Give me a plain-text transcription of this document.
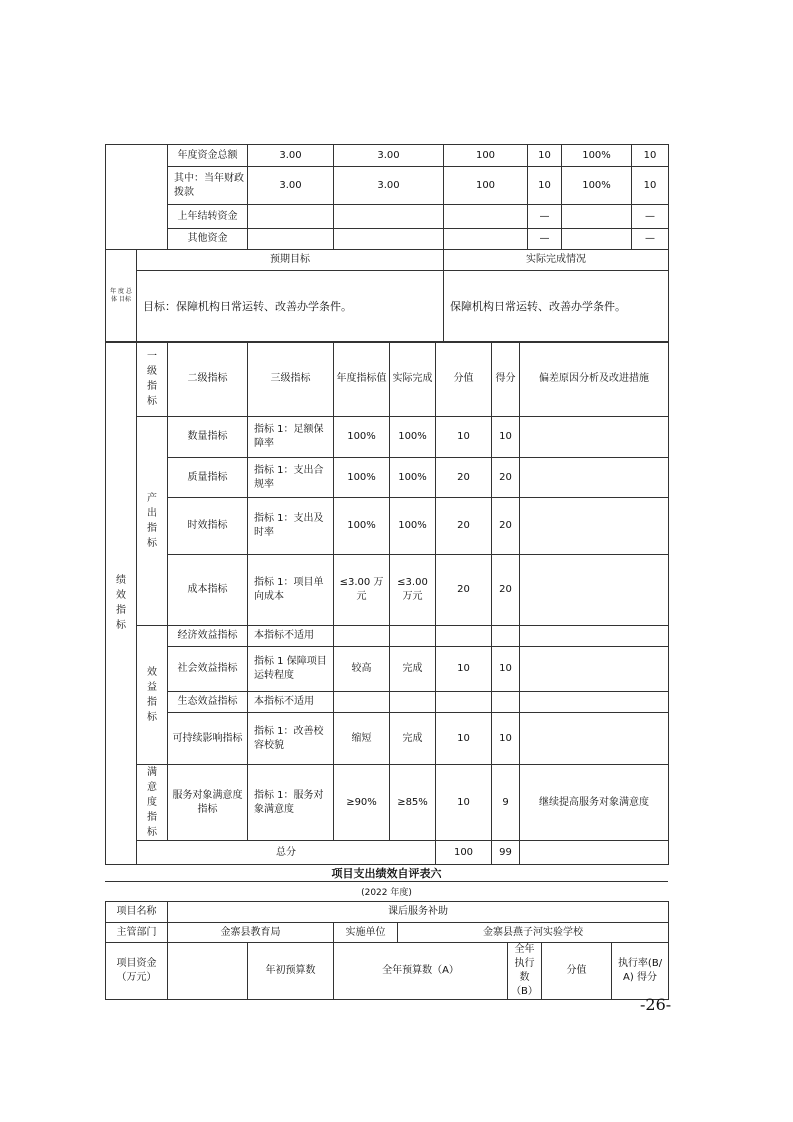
		年度资金总额	3.00	3.00	100	10	100%	10
		其中：当年财政拨款	3.00	3.00	100	10	100%	10
		上年结转资金				—		—
		其他资金				—		—
年 度 总 体 目标	预期目标				实际完成情况			
	目标：保障机构日常运转、改善办学条件。				保障机构日常运转、改善办学条件。			
绩效指标	一级指标	二级指标	三级指标	年度指标值	实际完成	分值	得分	偏差原因分析及改进措施

	产出指标	数量指标	指标 1：足额保障率	100%	100%	10	10	
		质量指标	指标 1：支出合规率	100%	100%	20	20	
		时效指标	指标 1：支出及时率	100%	100%	20	20	
		成本指标	指标 1：项目单向成本	≤3.00 万元	≤3.00 万元	20	20	

	效益指标	经济效益指标	本指标不适用					
		社会效益指标	指标 1 保障项目运转程度	较高	完成	10	10	
		生态效益指标	本指标不适用					
		可持续影响指标	指标 1：改善校容校貌	缩短	完成	10	10	

	满意度指标	服务对象满意度指标	指标 1：服务对象满意度	≥90%	≥85%	10	9	继续提高服务对象满意度
	总分					100	99	
项目支出绩效自评表六
(2022 年度)
项目名称	课后服务补助						
主管部门	金寨县教育局		实施单位	金寨县燕子河实验学校			
项目资金（万元）		年初预算数	全年预算数（A）		全年执行数（B）	分值	执行率(B/A) 得分
-26-
